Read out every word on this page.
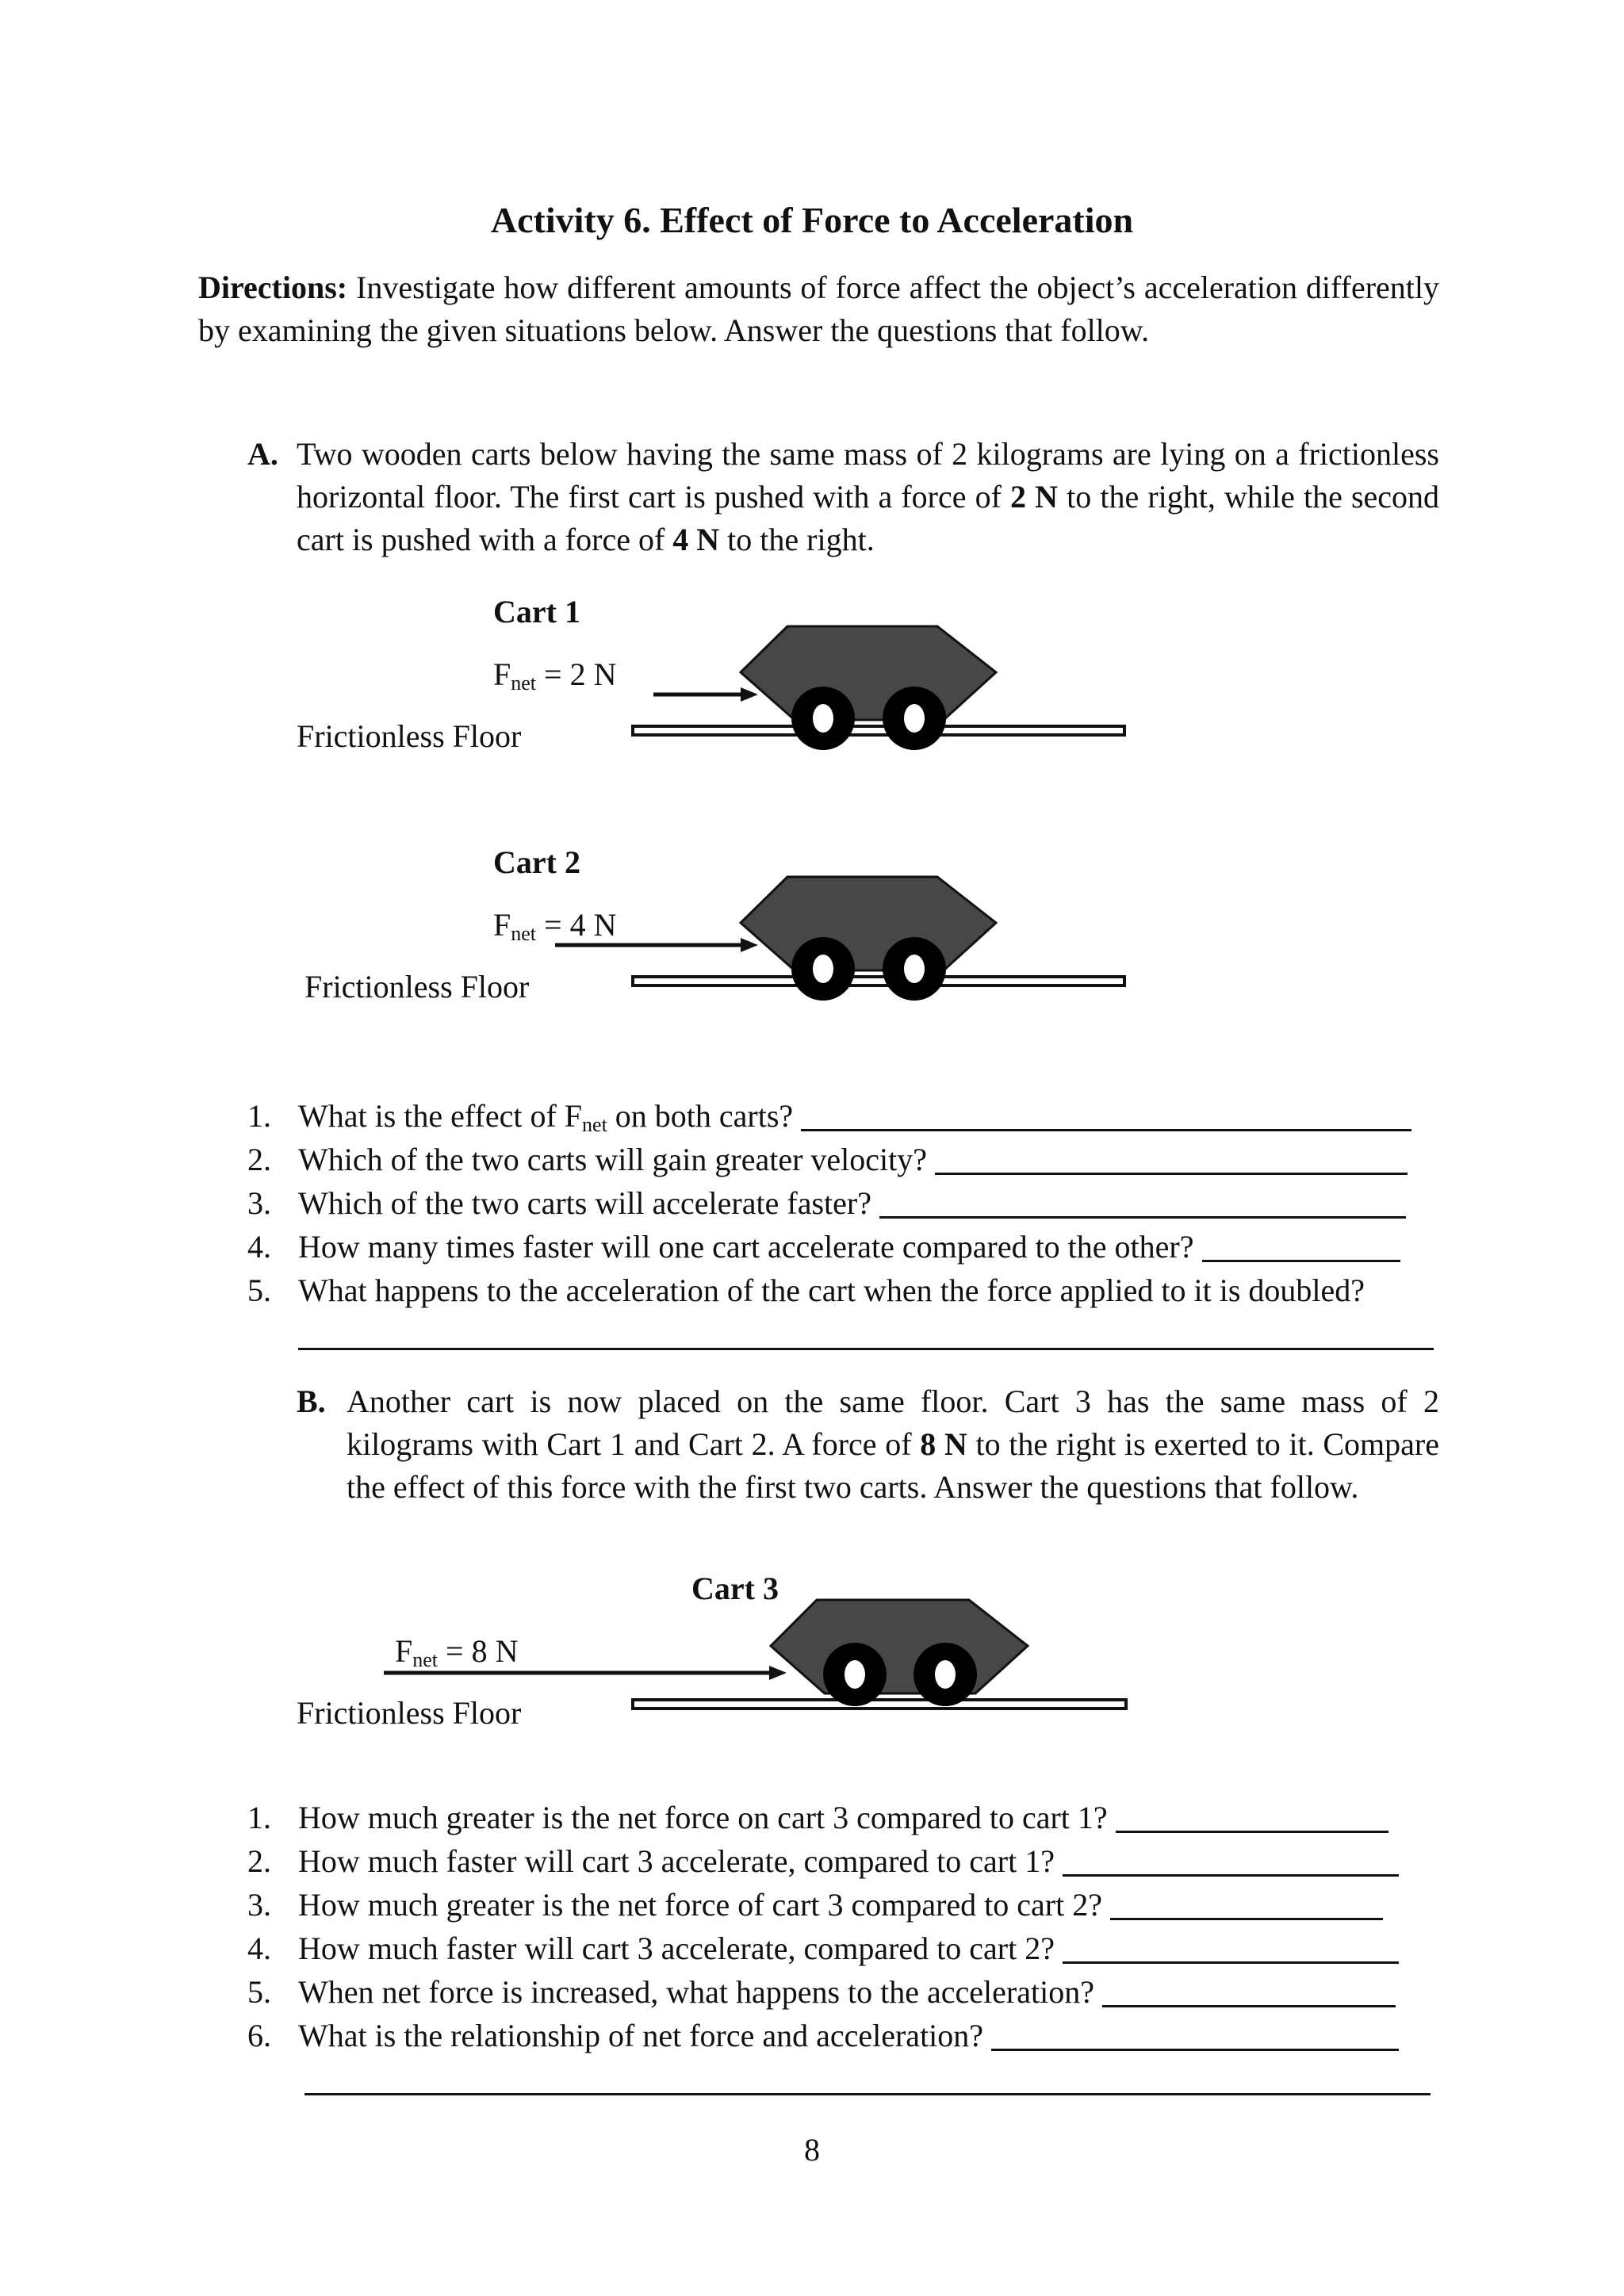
Activity 6. Effect of Force to Acceleration
Directions: Investigate how different amounts of force affect the object’s acceleration differently by examining the given situations below. Answer the questions that follow.
A. Two wooden carts below having the same mass of 2 kilograms are lying on a frictionless horizontal floor. The first cart is pushed with a force of 2 N to the right, while the second cart is pushed with a force of 4 N to the right.
Cart 1
$F_{net} = 2$ N
Frictionless Floor
Cart 2
$F_{net} = 4$ N
Frictionless Floor
1. What is the effect of $F_{net}$ on both carts?
2. Which of the two carts will gain greater velocity?
3. Which of the two carts will accelerate faster?
4. How many times faster will one cart accelerate compared to the other?
5. What happens to the acceleration of the cart when the force applied to it is doubled?
B. Another cart is now placed on the same floor. Cart 3 has the same mass of 2 kilograms with Cart 1 and Cart 2. A force of 8 N to the right is exerted to it. Compare the effect of this force with the first two carts. Answer the questions that follow.
Cart 3
$F_{net} = 8$ N
Frictionless Floor
1. How much greater is the net force on cart 3 compared to cart 1?
2. How much faster will cart 3 accelerate, compared to cart 1?
3. How much greater is the net force of cart 3 compared to cart 2?
4. How much faster will cart 3 accelerate, compared to cart 2?
5. When net force is increased, what happens to the acceleration?
6. What is the relationship of net force and acceleration?
8
